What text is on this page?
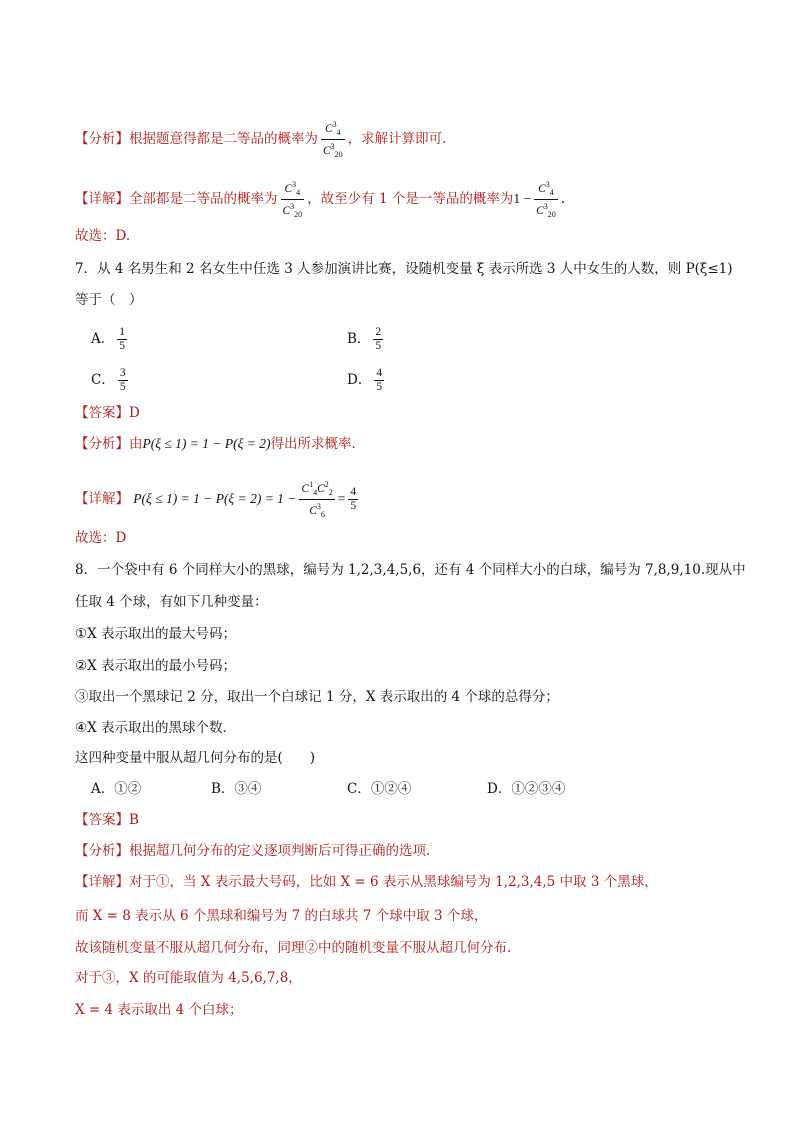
【分析】根据题意得都是二等品的概率为 $\frac{C^3_4}{C^3_{20}}$ ，求解计算即可.
【详解】全部都是二等品的概率为 $\frac{C^3_4}{C^3_{20}}$ ，故至少有 1 个是一等品的概率为$1 - \frac{C^3_4}{C^3_{20}}$ .
故选：D.
7．从 4 名男生和 2 名女生中任选 3 人参加演讲比赛，设随机变量 ξ 表示所选 3 人中女生的人数，则 P(ξ≤1)
等于（　）
A． $\frac{1}{5}$	B． $\frac{2}{5}$
C． $\frac{3}{5}$	D． $\frac{4}{5}$
【答案】D
【分析】由P(ξ ≤ 1) = 1 − P(ξ = 2)得出所求概率.
【详解】 $P(\xi \le 1) = 1 - P(\xi = 2) = 1 - \frac{C^1_4C^2_2}{C^3_6} = \frac{4}{5}$
故选：D
8．一个袋中有 6 个同样大小的黑球，编号为 1,2,3,4,5,6，还有 4 个同样大小的白球，编号为 7,8,9,10.现从中
任取 4 个球，有如下几种变量：
①X 表示取出的最大号码；
②X 表示取出的最小号码；
③取出一个黑球记 2 分，取出一个白球记 1 分，X 表示取出的 4 个球的总得分；
④X 表示取出的黑球个数．
这四种变量中服从超几何分布的是(　　)
A．①②	B．③④	C．①②④	D．①②③④
【答案】B
【分析】根据超几何分布的定义逐项判断后可得正确的选项.
【详解】对于①，当 X 表示最大号码，比如 X = 6 表示从黑球编号为 1,2,3,4,5 中取 3 个黑球，
而 X = 8 表示从 6 个黑球和编号为 7 的白球共 7 个球中取 3 个球，
故该随机变量不服从超几何分布，同理②中的随机变量不服从超几何分布.
对于③，X 的可能取值为 4,5,6,7,8，
X = 4 表示取出 4 个白球；
